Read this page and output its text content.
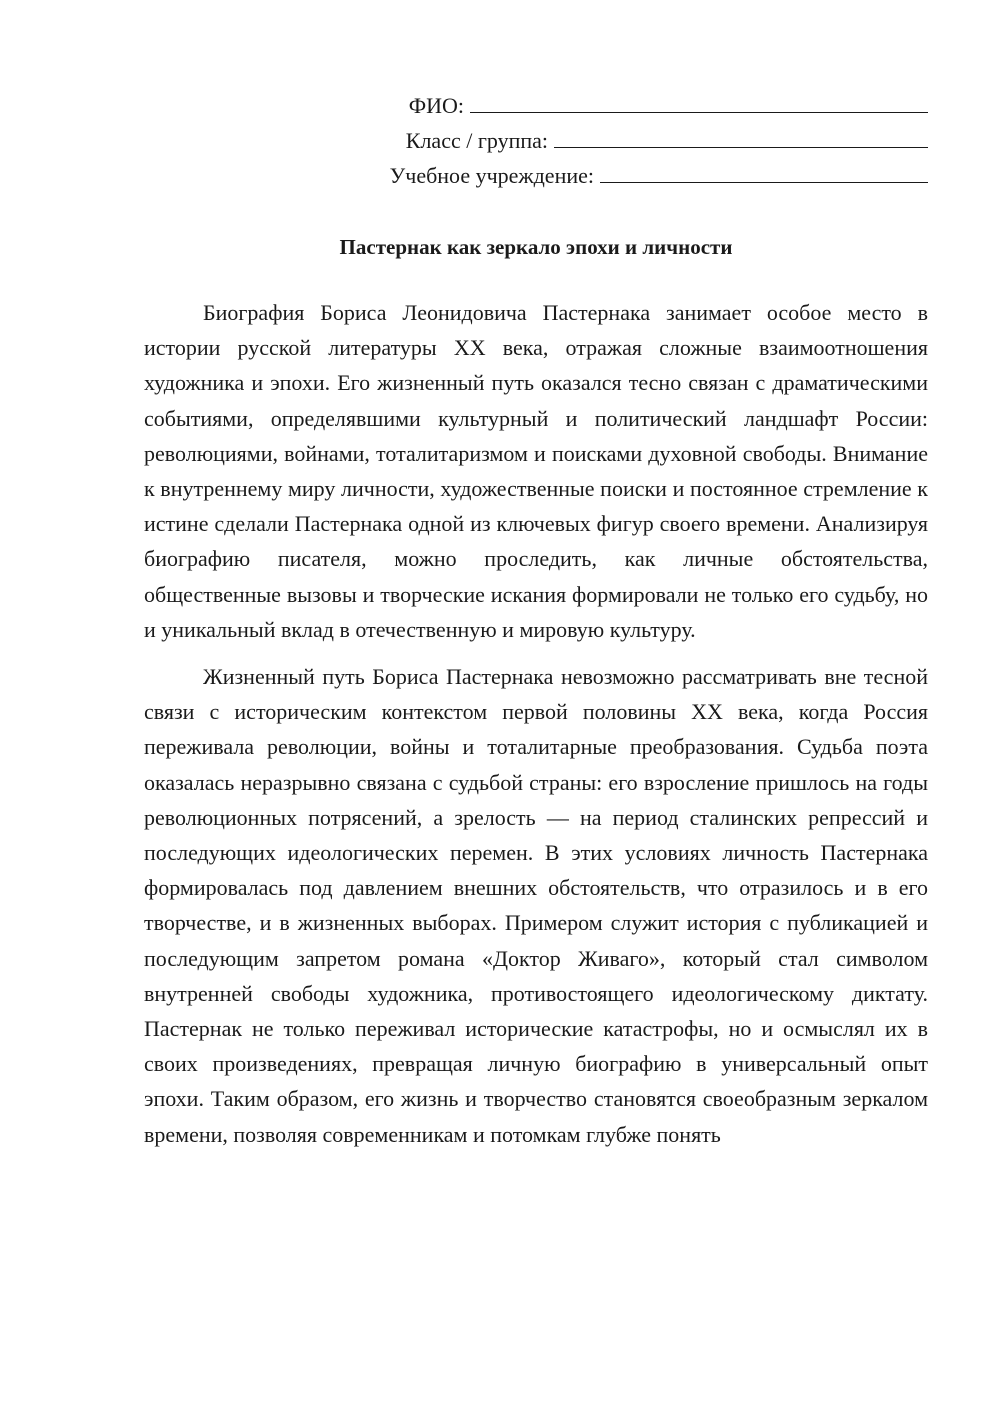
ФИО:
Класс / группа:
Учебное учреждение:
Пастернак как зеркало эпохи и личности

Биография Бориса Леонидовича Пастернака занимает особое место в истории русской литературы XX века, отражая сложные взаимоотношения художника и эпохи. Его жизненный путь оказался тесно связан с драматическими событиями, определявшими культурный и политический ландшафт России: революциями, войнами, тоталитаризмом и поисками духовной свободы. Внимание к внутреннему миру личности, художественные поиски и постоянное стремление к истине сделали Пастернака одной из ключевых фигур своего времени. Анализируя биографию писателя, можно проследить, как личные обстоятельства, общественные вызовы и творческие искания формировали не только его судьбу, но и уникальный вклад в отечественную и мировую культуру.

Жизненный путь Бориса Пастернака невозможно рассматривать вне тесной связи с историческим контекстом первой половины XX века, когда Россия переживала революции, войны и тоталитарные преобразования. Судьба поэта оказалась неразрывно связана с судьбой страны: его взросление пришлось на годы революционных потрясений, а зрелость — на период сталинских репрессий и последующих идеологических перемен. В этих условиях личность Пастернака формировалась под давлением внешних обстоятельств, что отразилось и в его творчестве, и в жизненных выборах. Примером служит история с публикацией и последующим запретом романа «Доктор Живаго», который стал символом внутренней свободы художника, противостоящего идеологическому диктату. Пастернак не только переживал исторические катастрофы, но и осмыслял их в своих произведениях, превращая личную биографию в универсальный опыт эпохи. Таким образом, его жизнь и творчество становятся своеобразным зеркалом времени, позволяя современникам и потомкам глубже понять
